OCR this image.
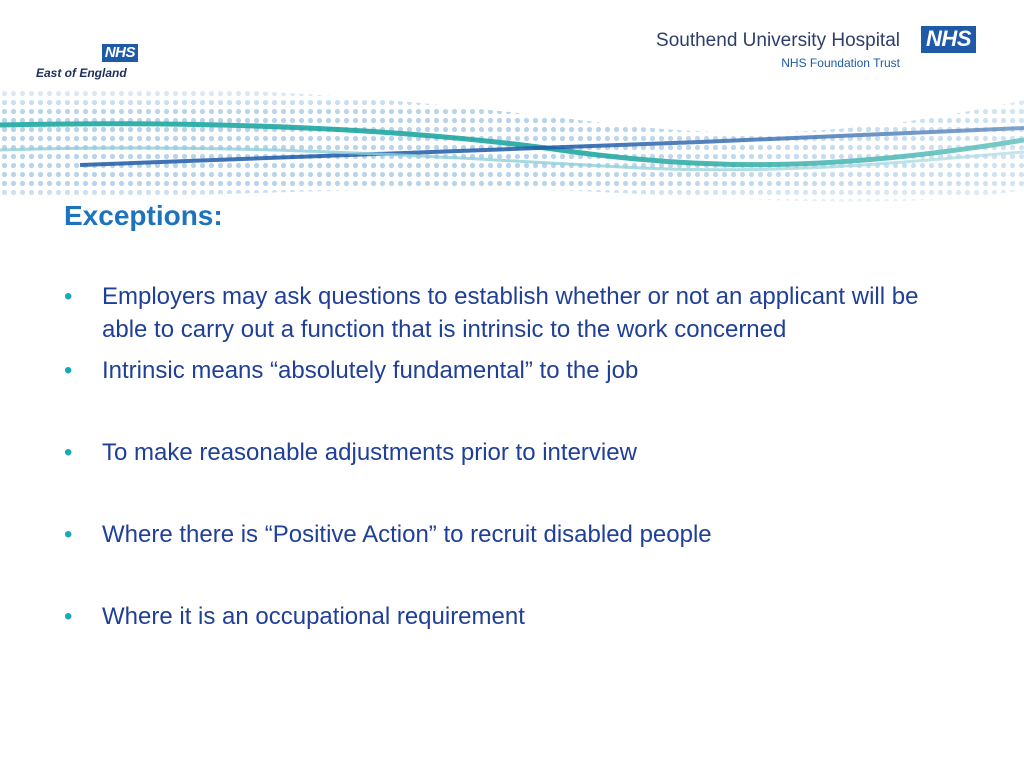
NHS
East of England
Southend University Hospital NHS
NHS Foundation Trust
Exceptions:
• Employers may ask questions to establish whether or not an applicant will be able to carry out a function that is intrinsic to the work concerned
• Intrinsic means “absolutely fundamental” to the job
• To make reasonable adjustments prior to interview
• Where there is “Positive Action” to recruit disabled people
• Where it is an occupational requirement
